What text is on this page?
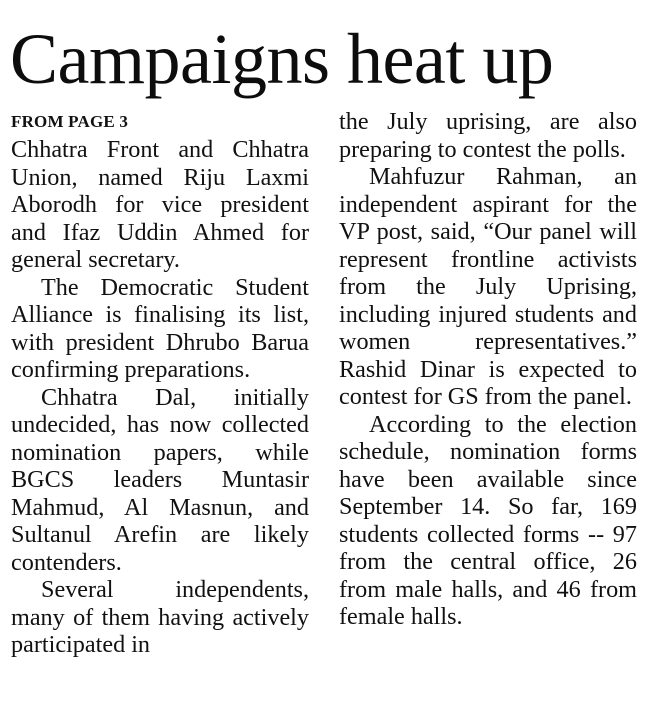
Campaigns heat up
FROM PAGE 3

Chhatra Front and Chhatra Union, named Riju Laxmi Aborodh for vice president and Ifaz Uddin Ahmed for general secretary.

The Democratic Student Alliance is finalising its list, with president Dhrubo Barua confirming preparations.

Chhatra Dal, initially undecided, has now collected nomination papers, while BGCS leaders Muntasir Mahmud, Al Masnun, and Sultanul Arefin are likely contenders.

Several independents, many of them having actively participated in

the July uprising, are also preparing to contest the polls.

Mahfuzur Rahman, an independent aspirant for the VP post, said, “Our panel will represent frontline activists from the July Uprising, including injured students and women representatives.” Rashid Dinar is expected to contest for GS from the panel.

According to the election schedule, nomination forms have been available since September 14. So far, 169 students collected forms -- 97 from the central office, 26 from male halls, and 46 from female halls.
